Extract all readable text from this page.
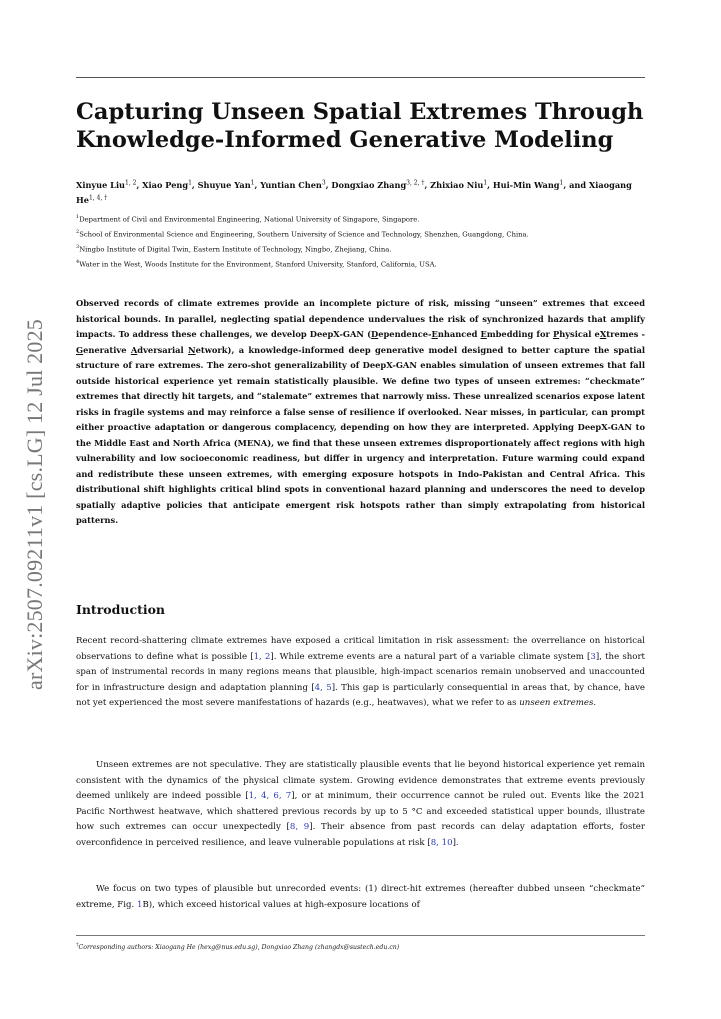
arXiv:2507.09211v1 [cs.LG] 12 Jul 2025
Capturing Unseen Spatial Extremes Through Knowledge-Informed Generative Modeling

Xinyue Liu$^{1, 2}$, Xiao Peng$^1$, Shuyue Yan$^1$, Yuntian Chen$^3$, Dongxiao Zhang$^{3, 2, \dagger}$, Zhixiao Niu$^1$, Hui-Min Wang$^1$, and Xiaogang $He^{1, 4, \dagger}$

$^1$Department of Civil and Environmental Engineering, National University of Singapore, Singapore.
$^2$School of Environmental Science and Engineering, Southern University of Science and Technology, Shenzhen, Guangdong, China.
$^3$Ningbo Institute of Digital Twin, Eastern Institute of Technology, Ningbo, Zhejiang, China.
$^4$Water in the West, Woods Institute for the Environment, Stanford University, Stanford, California, USA.

Observed records of climate extremes provide an incomplete picture of risk, missing “unseen” extremes that exceed historical bounds. In parallel, neglecting spatial dependence undervalues the risk of synchronized hazards that amplify impacts. To address these challenges, we develop DeepX-GAN (Dependence-Enhanced Embedding for Physical eXtremes - Generative Adversarial Network), a knowledge-informed deep generative model designed to better capture the spatial structure of rare extremes. The zero-shot generalizability of DeepX-GAN enables simulation of unseen extremes that fall outside historical experience yet remain statistically plausible. We define two types of unseen extremes: “checkmate” extremes that directly hit targets, and “stalemate” extremes that narrowly miss. These unrealized scenarios expose latent risks in fragile systems and may reinforce a false sense of resilience if overlooked. Near misses, in particular, can prompt either proactive adaptation or dangerous complacency, depending on how they are interpreted. Applying DeepX-GAN to the Middle East and North Africa (MENA), we find that these unseen extremes disproportionately affect regions with high vulnerability and low socioeconomic readiness, but differ in urgency and interpretation. Future warming could expand and redistribute these unseen extremes, with emerging exposure hotspots in Indo-Pakistan and Central Africa. This distributional shift highlights critical blind spots in conventional hazard planning and underscores the need to develop spatially adaptive policies that anticipate emergent risk hotspots rather than simply extrapolating from historical patterns.

Introduction

Recent record-shattering climate extremes have exposed a critical limitation in risk assessment: the overreliance on historical observations to define what is possible [1, 2]. While extreme events are a natural part of a variable climate system [3], the short span of instrumental records in many regions means that plausible, high-impact scenarios remain unobserved and unaccounted for in infrastructure design and adaptation planning [4, 5]. This gap is particularly consequential in areas that, by chance, have not yet experienced the most severe manifestations of hazards (e.g., heatwaves), what we refer to as unseen extremes.

Unseen extremes are not speculative. They are statistically plausible events that lie beyond historical experience yet remain consistent with the dynamics of the physical climate system. Growing evidence demonstrates that extreme events previously deemed unlikely are indeed possible [1, 4, 6, 7], or at minimum, their occurrence cannot be ruled out. Events like the 2021 Pacific Northwest heatwave, which shattered previous records by up to 5 °C and exceeded statistical upper bounds, illustrate how such extremes can occur unexpectedly [8, 9]. Their absence from past records can delay adaptation efforts, foster overconfidence in perceived resilience, and leave vulnerable populations at risk [8, 10].

We focus on two types of plausible but unrecorded events: (1) direct-hit extremes (hereafter dubbed unseen “checkmate” extreme, Fig. 1B), which exceed historical values at high-exposure locations of

†Corresponding authors: Xiaogang He (hexg@nus.edu.sg), Dongxiao Zhang (zhangdx@sustech.edu.cn)
